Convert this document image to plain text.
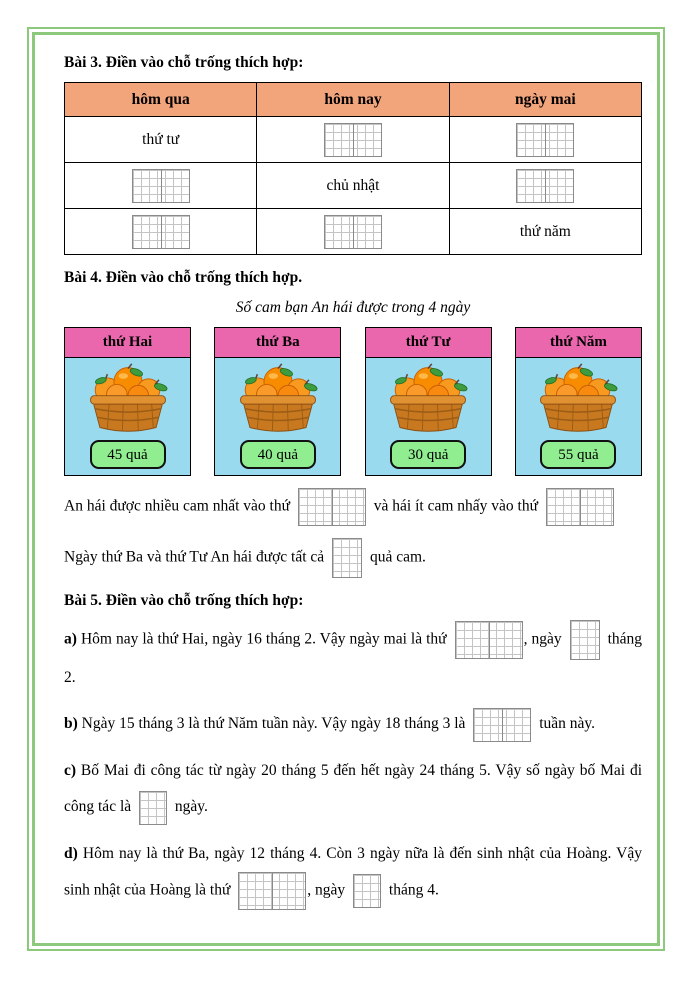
Bài 3. Điền vào chỗ trống thích hợp:

hôm qua	hôm nay	ngày mai
thứ tư		
	chủ nhật	
		thứ năm

Bài 4. Điền vào chỗ trống thích hợp.

Số cam bạn An hái được trong 4 ngày

thứ Hai
45 quả
thứ Ba
40 quả
thứ Tư
30 quả
thứ Năm
55 quả

An hái được nhiều cam nhất vào thứ	và hái ít cam nhấy vào thứ

Ngày thứ Ba và thứ Tư An hái được tất cả	quả cam.

Bài 5. Điền vào chỗ trống thích hợp:

a) Hôm nay là thứ Hai, ngày 16 tháng 2. Vậy ngày mai là thứ	, ngày	tháng 2.

b) Ngày 15 tháng 3 là thứ Năm tuần này. Vậy ngày 18 tháng 3 là	tuần này.

c) Bố Mai đi công tác từ ngày 20 tháng 5 đến hết ngày 24 tháng 5. Vậy số ngày bố Mai đi công tác là	ngày.

d) Hôm nay là thứ Ba, ngày 12 tháng 4. Còn 3 ngày nữa là đến sinh nhật của Hoàng. Vậy sinh nhật của Hoàng là thứ	, ngày	tháng 4.
